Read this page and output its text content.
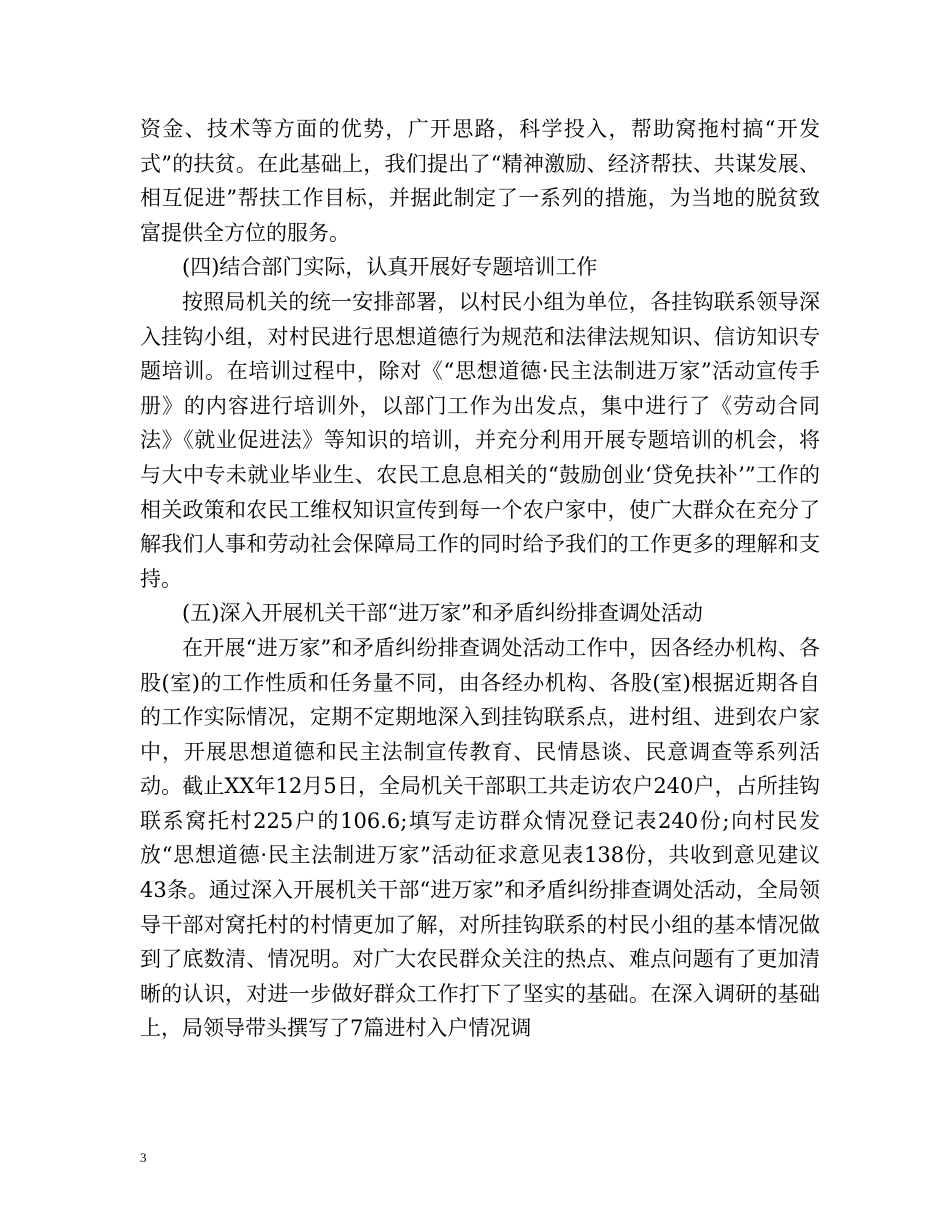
资金、技术等方面的优势，广开思路，科学投入，帮助窝拖村搞“开发式”的扶贫。在此基础上，我们提出了“精神激励、经济帮扶、共谋发展、相互促进”帮扶工作目标，并据此制定了一系列的措施，为当地的脱贫致富提供全方位的服务。

(四)结合部门实际，认真开展好专题培训工作

按照局机关的统一安排部署，以村民小组为单位，各挂钩联系领导深入挂钩小组，对村民进行思想道德行为规范和法律法规知识、信访知识专题培训。在培训过程中，除对《“思想道德·民主法制进万家”活动宣传手册》的内容进行培训外，以部门工作为出发点，集中进行了《劳动合同法》《就业促进法》等知识的培训，并充分利用开展专题培训的机会，将与大中专未就业毕业生、农民工息息相关的“鼓励创业‘贷免扶补’”工作的相关政策和农民工维权知识宣传到每一个农户家中，使广大群众在充分了解我们人事和劳动社会保障局工作的同时给予我们的工作更多的理解和支持。

(五)深入开展机关干部“进万家”和矛盾纠纷排查调处活动

在开展“进万家”和矛盾纠纷排查调处活动工作中，因各经办机构、各股(室)的工作性质和任务量不同，由各经办机构、各股(室)根据近期各自的工作实际情况，定期不定期地深入到挂钩联系点，进村组、进到农户家中，开展思想道德和民主法制宣传教育、民情恳谈、民意调查等系列活动。截止XX年12月5日，全局机关干部职工共走访农户240户，占所挂钩联系窝托村225户的106.6;填写走访群众情况登记表240份;向村民发放“思想道德·民主法制进万家”活动征求意见表138份，共收到意见建议43条。通过深入开展机关干部“进万家”和矛盾纠纷排查调处活动，全局领导干部对窝托村的村情更加了解，对所挂钩联系的村民小组的基本情况做到了底数清、情况明。对广大农民群众关注的热点、难点问题有了更加清晰的认识，对进一步做好群众工作打下了坚实的基础。在深入调研的基础上，局领导带头撰写了7篇进村入户情况调

3
